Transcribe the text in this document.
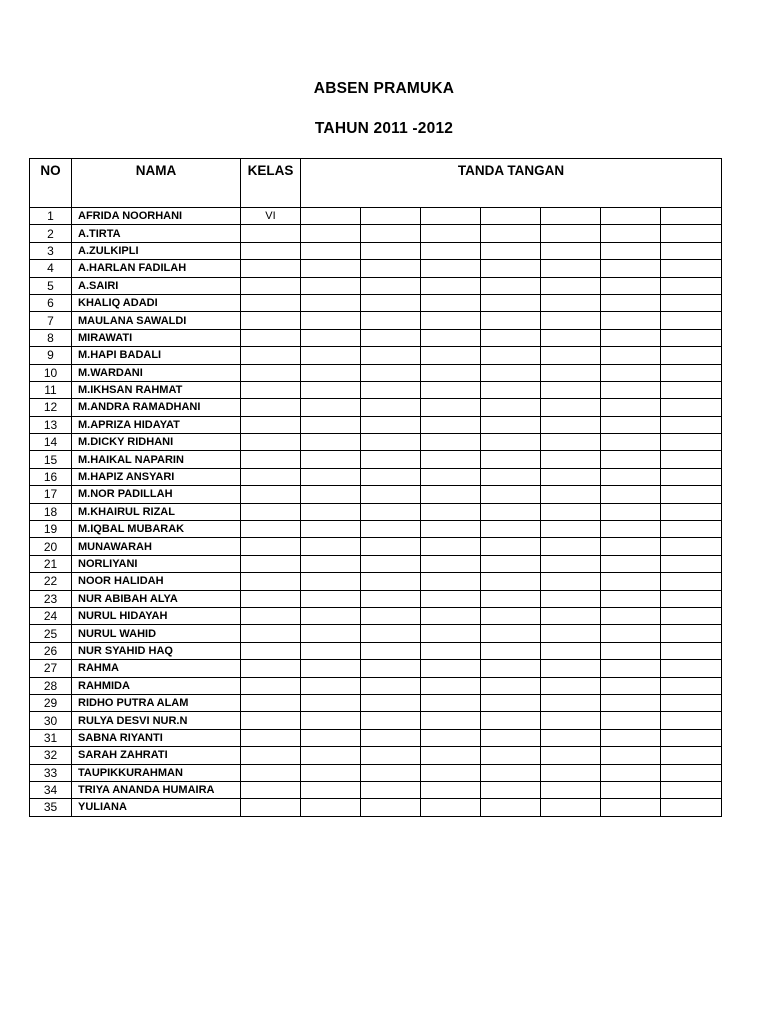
ABSEN PRAMUKA
TAHUN 2011 -2012
NO	NAMA	KELAS	TANDA TANGAN						
1	AFRIDA NOORHANI	VI							
2	A.TIRTA								
3	A.ZULKIPLI								
4	A.HARLAN FADILAH								
5	A.SAIRI								
6	KHALIQ ADADI								
7	MAULANA SAWALDI								
8	MIRAWATI								
9	M.HAPI BADALI								
10	M.WARDANI								
11	M.IKHSAN RAHMAT								
12	M.ANDRA RAMADHANI								
13	M.APRIZA HIDAYAT								
14	M.DICKY RIDHANI								
15	M.HAIKAL NAPARIN								
16	M.HAPIZ ANSYARI								
17	M.NOR PADILLAH								
18	M.KHAIRUL RIZAL								
19	M.IQBAL MUBARAK								
20	MUNAWARAH								
21	NORLIYANI								
22	NOOR HALIDAH								
23	NUR ABIBAH ALYA								
24	NURUL HIDAYAH								
25	NURUL WAHID								
26	NUR SYAHID HAQ								
27	RAHMA								
28	RAHMIDA								
29	RIDHO PUTRA ALAM								
30	RULYA DESVI NUR.N								
31	SABNA RIYANTI								
32	SARAH ZAHRATI								
33	TAUPIKKURAHMAN								
34	TRIYA ANANDA HUMAIRA								
35	YULIANA								
